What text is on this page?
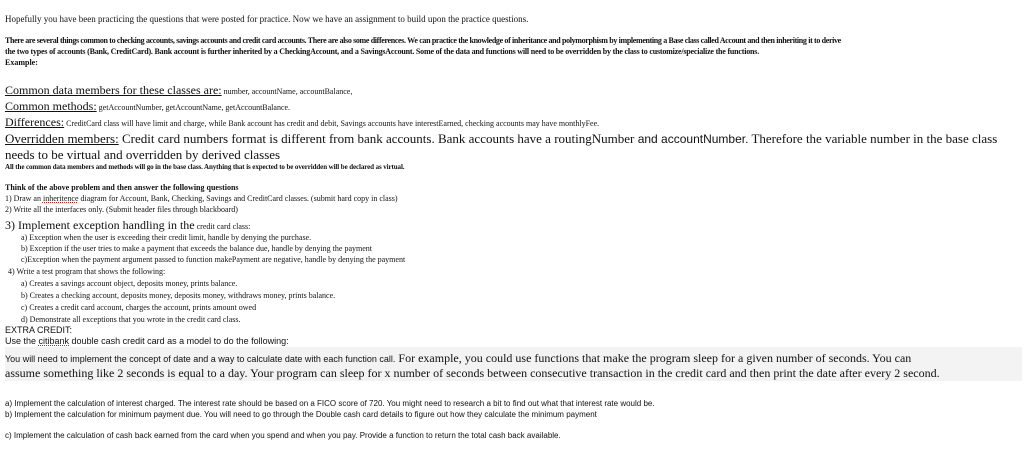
Hopefully you have been practicing the questions that were posted for practice. Now we have an assignment to build upon the practice questions.
There are several things common to checking accounts, savings accounts and credit card accounts. There are also some differences. We can practice the knowledge of inheritance and polymorphism by implementing a Base class called Account and then inheriting it to derive
the two types of accounts (Bank, CreditCard). Bank account is further inherited by a CheckingAccount, and a SavingsAccount. Some of the data and functions will need to be overridden by the class to customize/specialize the functions.
Example:
Common data members for these classes are: number, accountName, accountBalance,
Common methods: getAccountNumber, getAccountName, getAccountBalance.
Differences: CreditCard class will have limit and charge, while Bank account has credit and debit, Savings accounts have interestEarned, checking accounts may have monthlyFee.
Overridden members: Credit card numbers format is different from bank accounts. Bank accounts have a routingNumber and accountNumber. Therefore the variable number in the base class
needs to be virtual and overridden by derived classes
All the common data members and methods will go in the base class. Anything that is expected to be overridden will be declared as virtual.
Think of the above problem and then answer the following questions
1) Draw an inheritence diagram for Account, Bank, Checking, Savings and CreditCard classes. (submit hard copy in class)
2) Write all the interfaces only. (Submit header files through blackboard)
3) Implement exception handling in the credit card class:
a) Exception when the user is exceeding their credit limit, handle by denying the purchase.
b) Exception if the user tries to make a payment that exceeds the balance due, handle by denying the payment
c)Exception when the payment argument passed to function makePayment are negative, handle by denying the payment
4) Write a test program that shows the following:
a) Creates a savings account object, deposits money, prints balance.
b) Creates a checking account, deposits money, deposits money, withdraws money, prints balance.
c) Creates a credit card account, charges the account, prints amount owed
d) Demonstrate all exceptions that you wrote in the credit card class.
EXTRA CREDIT:
Use the citibank double cash credit card as a model to do the following:
You will need to implement the concept of date and a way to calculate date with each function call. For example, you could use functions that make the program sleep for a given number of seconds. You can
assume something like 2 seconds is equal to a day. Your program can sleep for x number of seconds between consecutive transaction in the credit card and then print the date after every 2 second.
a) Implement the calculation of interest charged. The interest rate should be based on a FICO score of 720. You might need to research a bit to find out what that interest rate would be.
b) Implement the calculation for minimum payment due. You will need to go through the Double cash card details to figure out how they calculate the minimum payment
c) Implement the calculation of cash back earned from the card when you spend and when you pay. Provide a function to return the total cash back available.
